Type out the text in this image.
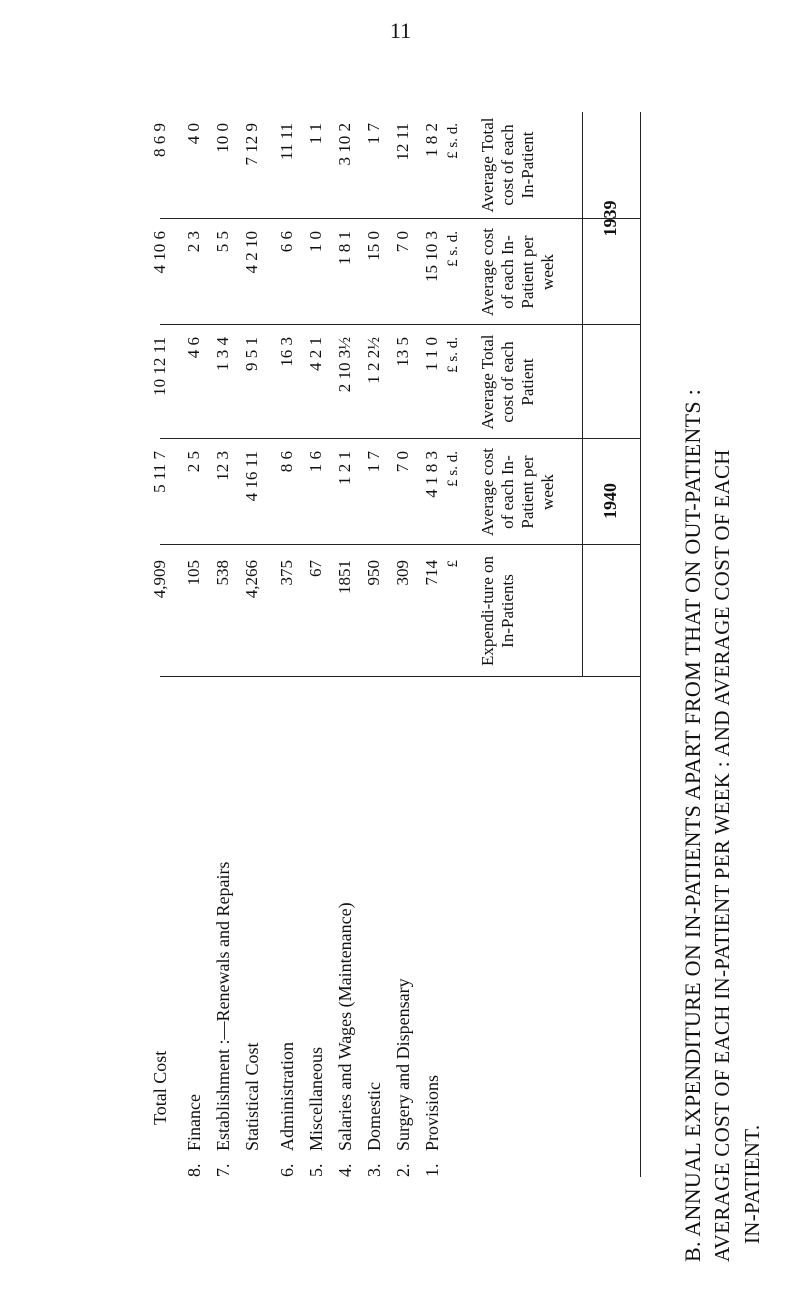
11
B. ANNUAL EXPENDITURE ON IN-PATIENTS APART FROM THAT ON OUT-PATIENTS : AVERAGE COST OF EACH IN-PATIENT PER WEEK : AND AVERAGE COST OF EACH IN-PATIENT.
1940
1939
Expendi-ture on In-Patients
Average cost of each In-Patient per week
Average Total cost of each Patient
Average cost of each In-Patient per week
Average Total cost of each In-Patient
£
£ s. d.
£ s. d.
£ s. d.
£ s. d.
1.Provisions
714
4 1 8 3
1 1 0
15 10 3
1 8 2
2.Surgery and Dispensary
309
7 0
13 5
7 0
12 11
3.Domestic
950
1 7
1 2 2½
15 0
1 7
4.Salaries and Wages (Maintenance)
1851
1 2 1
2 10 3½
1 8 1
3 10 2
5.Miscellaneous
67
1 6
4 2 1
1 0
1 1
6.Administration
375
8 6
16 3
6 6
11 11
Statistical Cost
4,266
4 16 11
9 5 1
4 2 10
7 12 9
7.Establishment :—Renewals and Repairs
538
12 3
1 3 4
5 5
10 0
8.Finance
105
2 5
4 6
2 3
4 0
Total Cost
4,909
5 11 7
10 12 11
4 10 6
8 6 9
